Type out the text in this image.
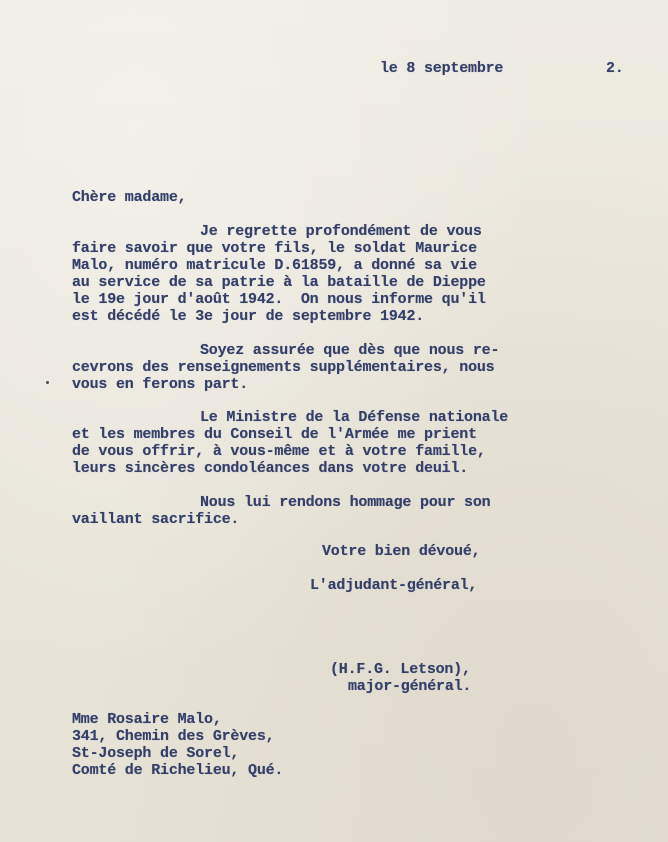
le 8 septembre	2.

Chère madame,

Je regrette profondément de vous

faire savoir que votre fils, le soldat Maurice

Malo, numéro matricule D.61859, a donné sa vie

au service de sa patrie à la bataille de Dieppe

le 19e jour d'août 1942.  On nous informe qu'il

est décédé le 3e jour de septembre 1942.

Soyez assurée que dès que nous re-

cevrons des renseignements supplémentaires, nous

vous en ferons part.

Le Ministre de la Défense nationale

et les membres du Conseil de l'Armée me prient

de vous offrir, à vous-même et à votre famille,

leurs sincères condoléances dans votre deuil.

Nous lui rendons hommage pour son

vaillant sacrifice.

Votre bien dévoué,

L'adjudant-général,

(H.F.G. Letson),

major-général.

Mme Rosaire Malo,

341, Chemin des Grèves,

St-Joseph de Sorel,

Comté de Richelieu, Qué.
